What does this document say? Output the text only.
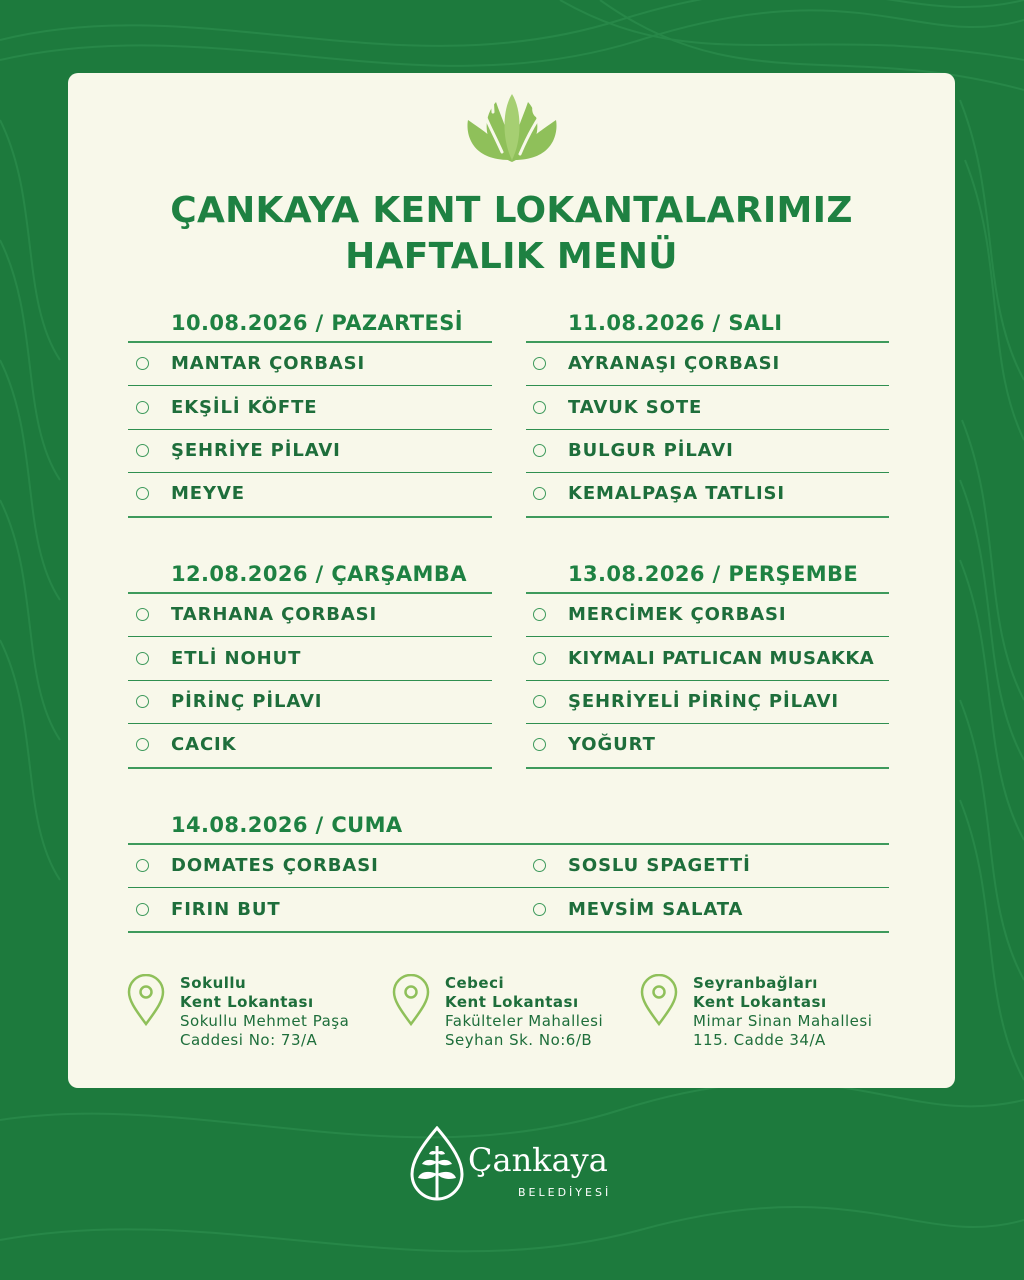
ÇANKAYA KENT LOKANTALARIMIZ
HAFTALIK MENÜ
10.08.2026 / PAZARTESİ
MANTAR ÇORBASI
EKŞİLİ KÖFTE
ŞEHRİYE PİLAVI
MEYVE
11.08.2026 / SALI
AYRANAŞI ÇORBASI
TAVUK SOTE
BULGUR PİLAVI
KEMALPAŞA TATLISI
12.08.2026 / ÇARŞAMBA
TARHANA ÇORBASI
ETLİ NOHUT
PİRİNÇ PİLAVI
CACIK
13.08.2026 / PERŞEMBE
MERCİMEK ÇORBASI
KIYMALI PATLICAN MUSAKKA
ŞEHRİYELİ PİRİNÇ PİLAVI
YOĞURT
14.08.2026 / CUMA
DOMATES ÇORBASI	SOSLU SPAGETTİ
FIRIN BUT	MEVSİM SALATA
Sokullu
Kent Lokantası
Sokullu Mehmet Paşa
Caddesi No: 73/A
Cebeci
Kent Lokantası
Fakülteler Mahallesi
Seyhan Sk. No:6/B
Seyranbağları
Kent Lokantası
Mimar Sinan Mahallesi
115. Cadde 34/A
Çankaya
BELEDİYESİ
